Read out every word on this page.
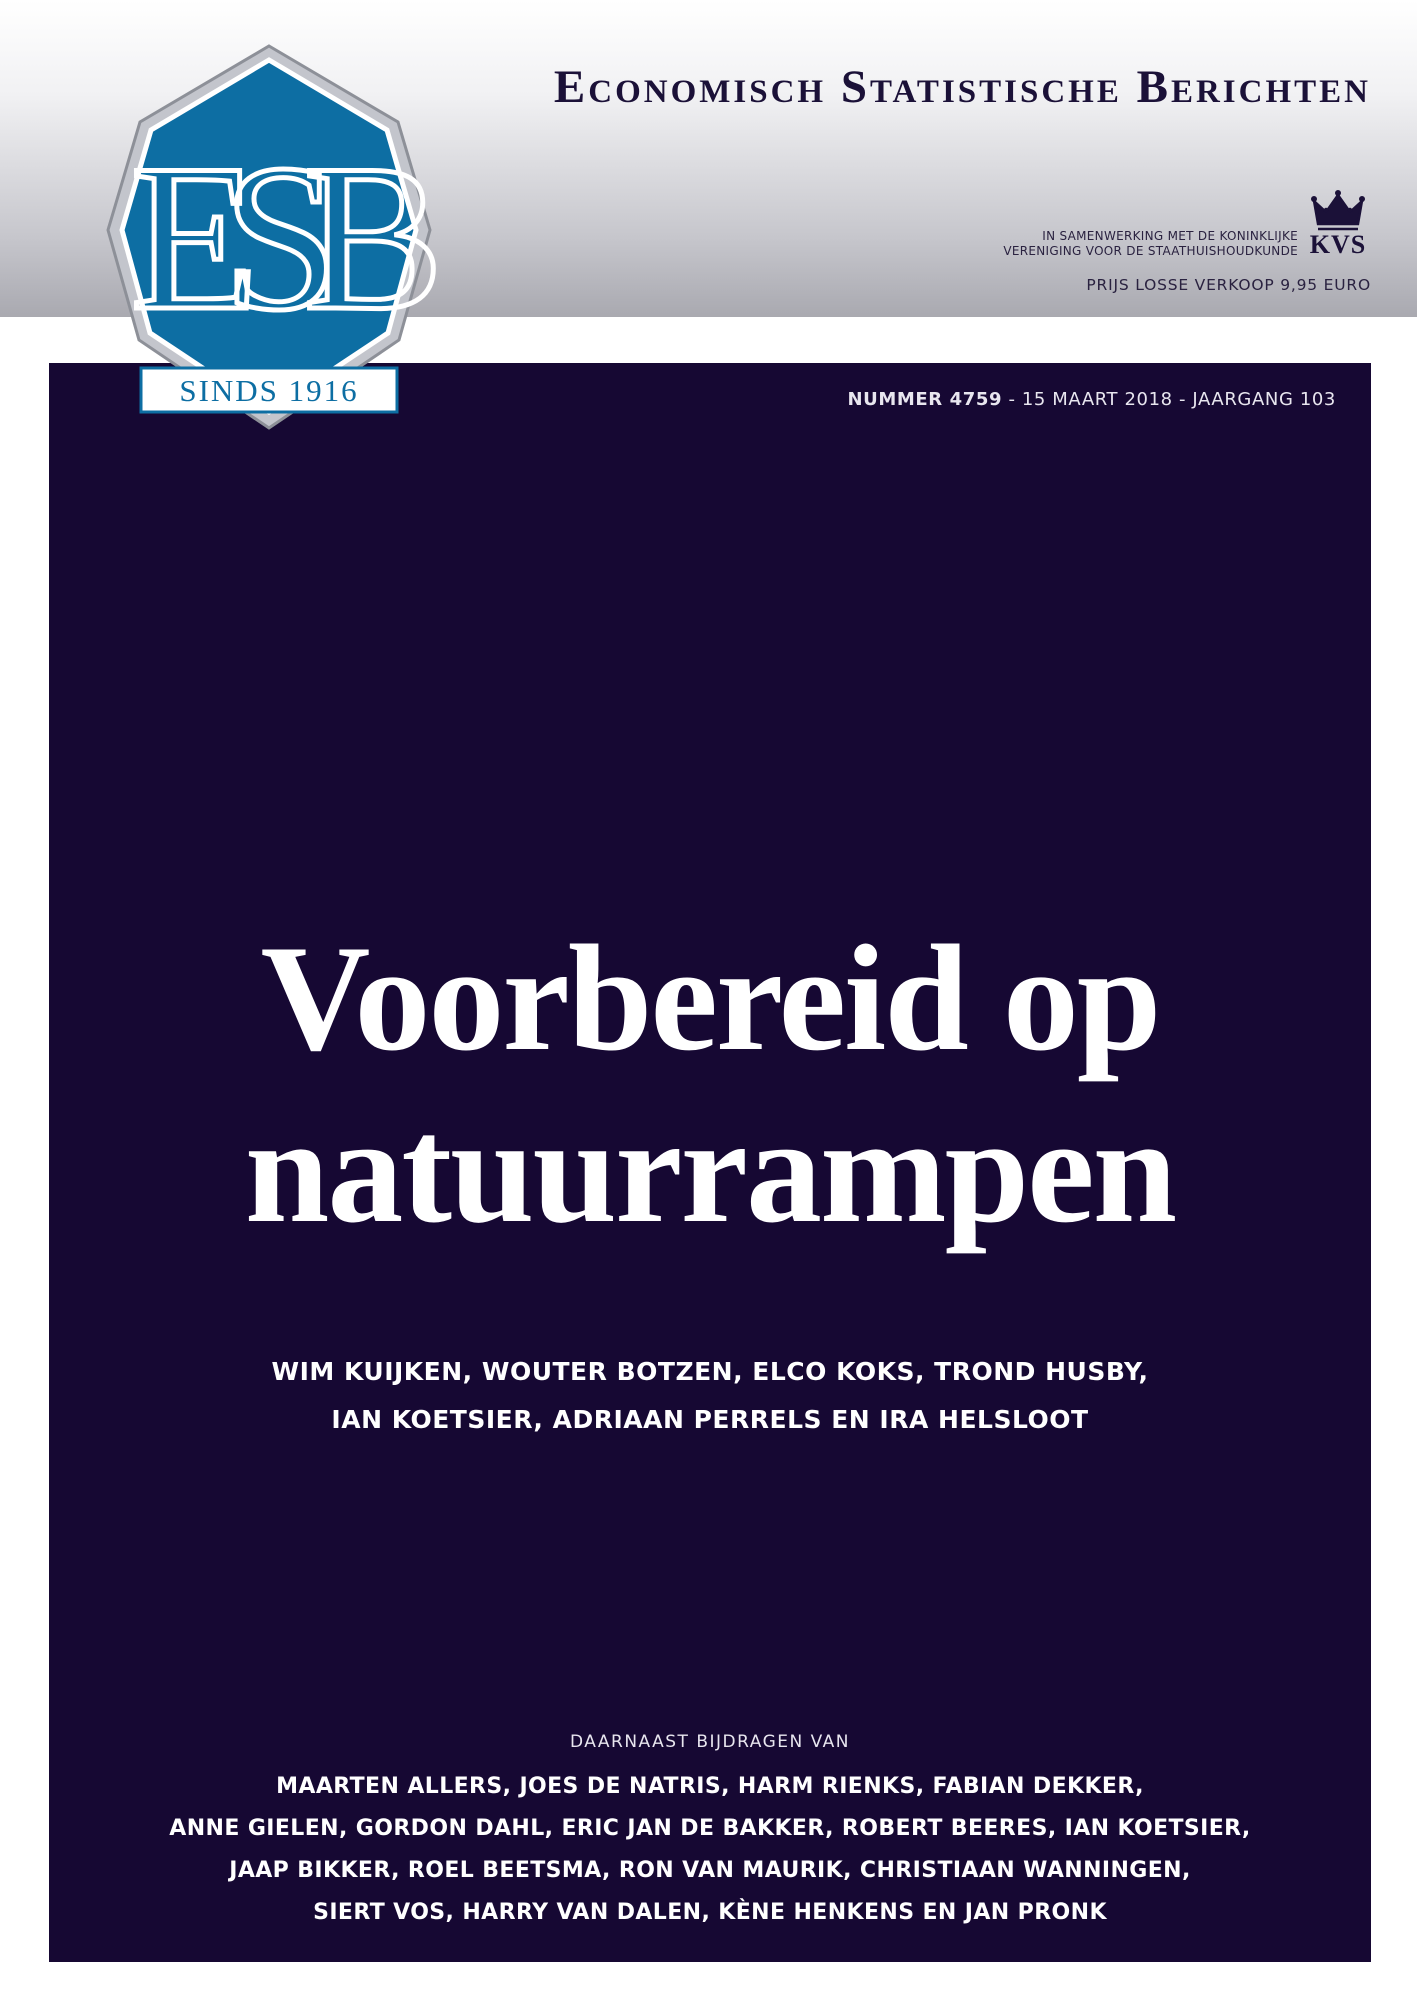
Economisch Statistische Berichten
IN SAMENWERKING MET DE KONINKLIJKE
VERENIGING VOOR DE STAATHUISHOUDKUNDE KVS
PRIJS LOSSE VERKOOP 9,95 EURO
NUMMER 4759 - 15 MAART 2018 - JAARGANG 103
Voorbereid op
natuurrampen
WIM KUIJKEN, WOUTER BOTZEN, ELCO KOKS, TROND HUSBY,
IAN KOETSIER, ADRIAAN PERRELS EN IRA HELSLOOT
DAARNAAST BIJDRAGEN VAN
MAARTEN ALLERS, JOES DE NATRIS, HARM RIENKS, FABIAN DEKKER,
ANNE GIELEN, GORDON DAHL, ERIC JAN DE BAKKER, ROBERT BEERES, IAN KOETSIER,
JAAP BIKKER, ROEL BEETSMA, RON VAN MAURIK, CHRISTIAAN WANNINGEN,
SIERT VOS, HARRY VAN DALEN, KÈNE HENKENS EN JAN PRONK
ESB
SINDS 1916
